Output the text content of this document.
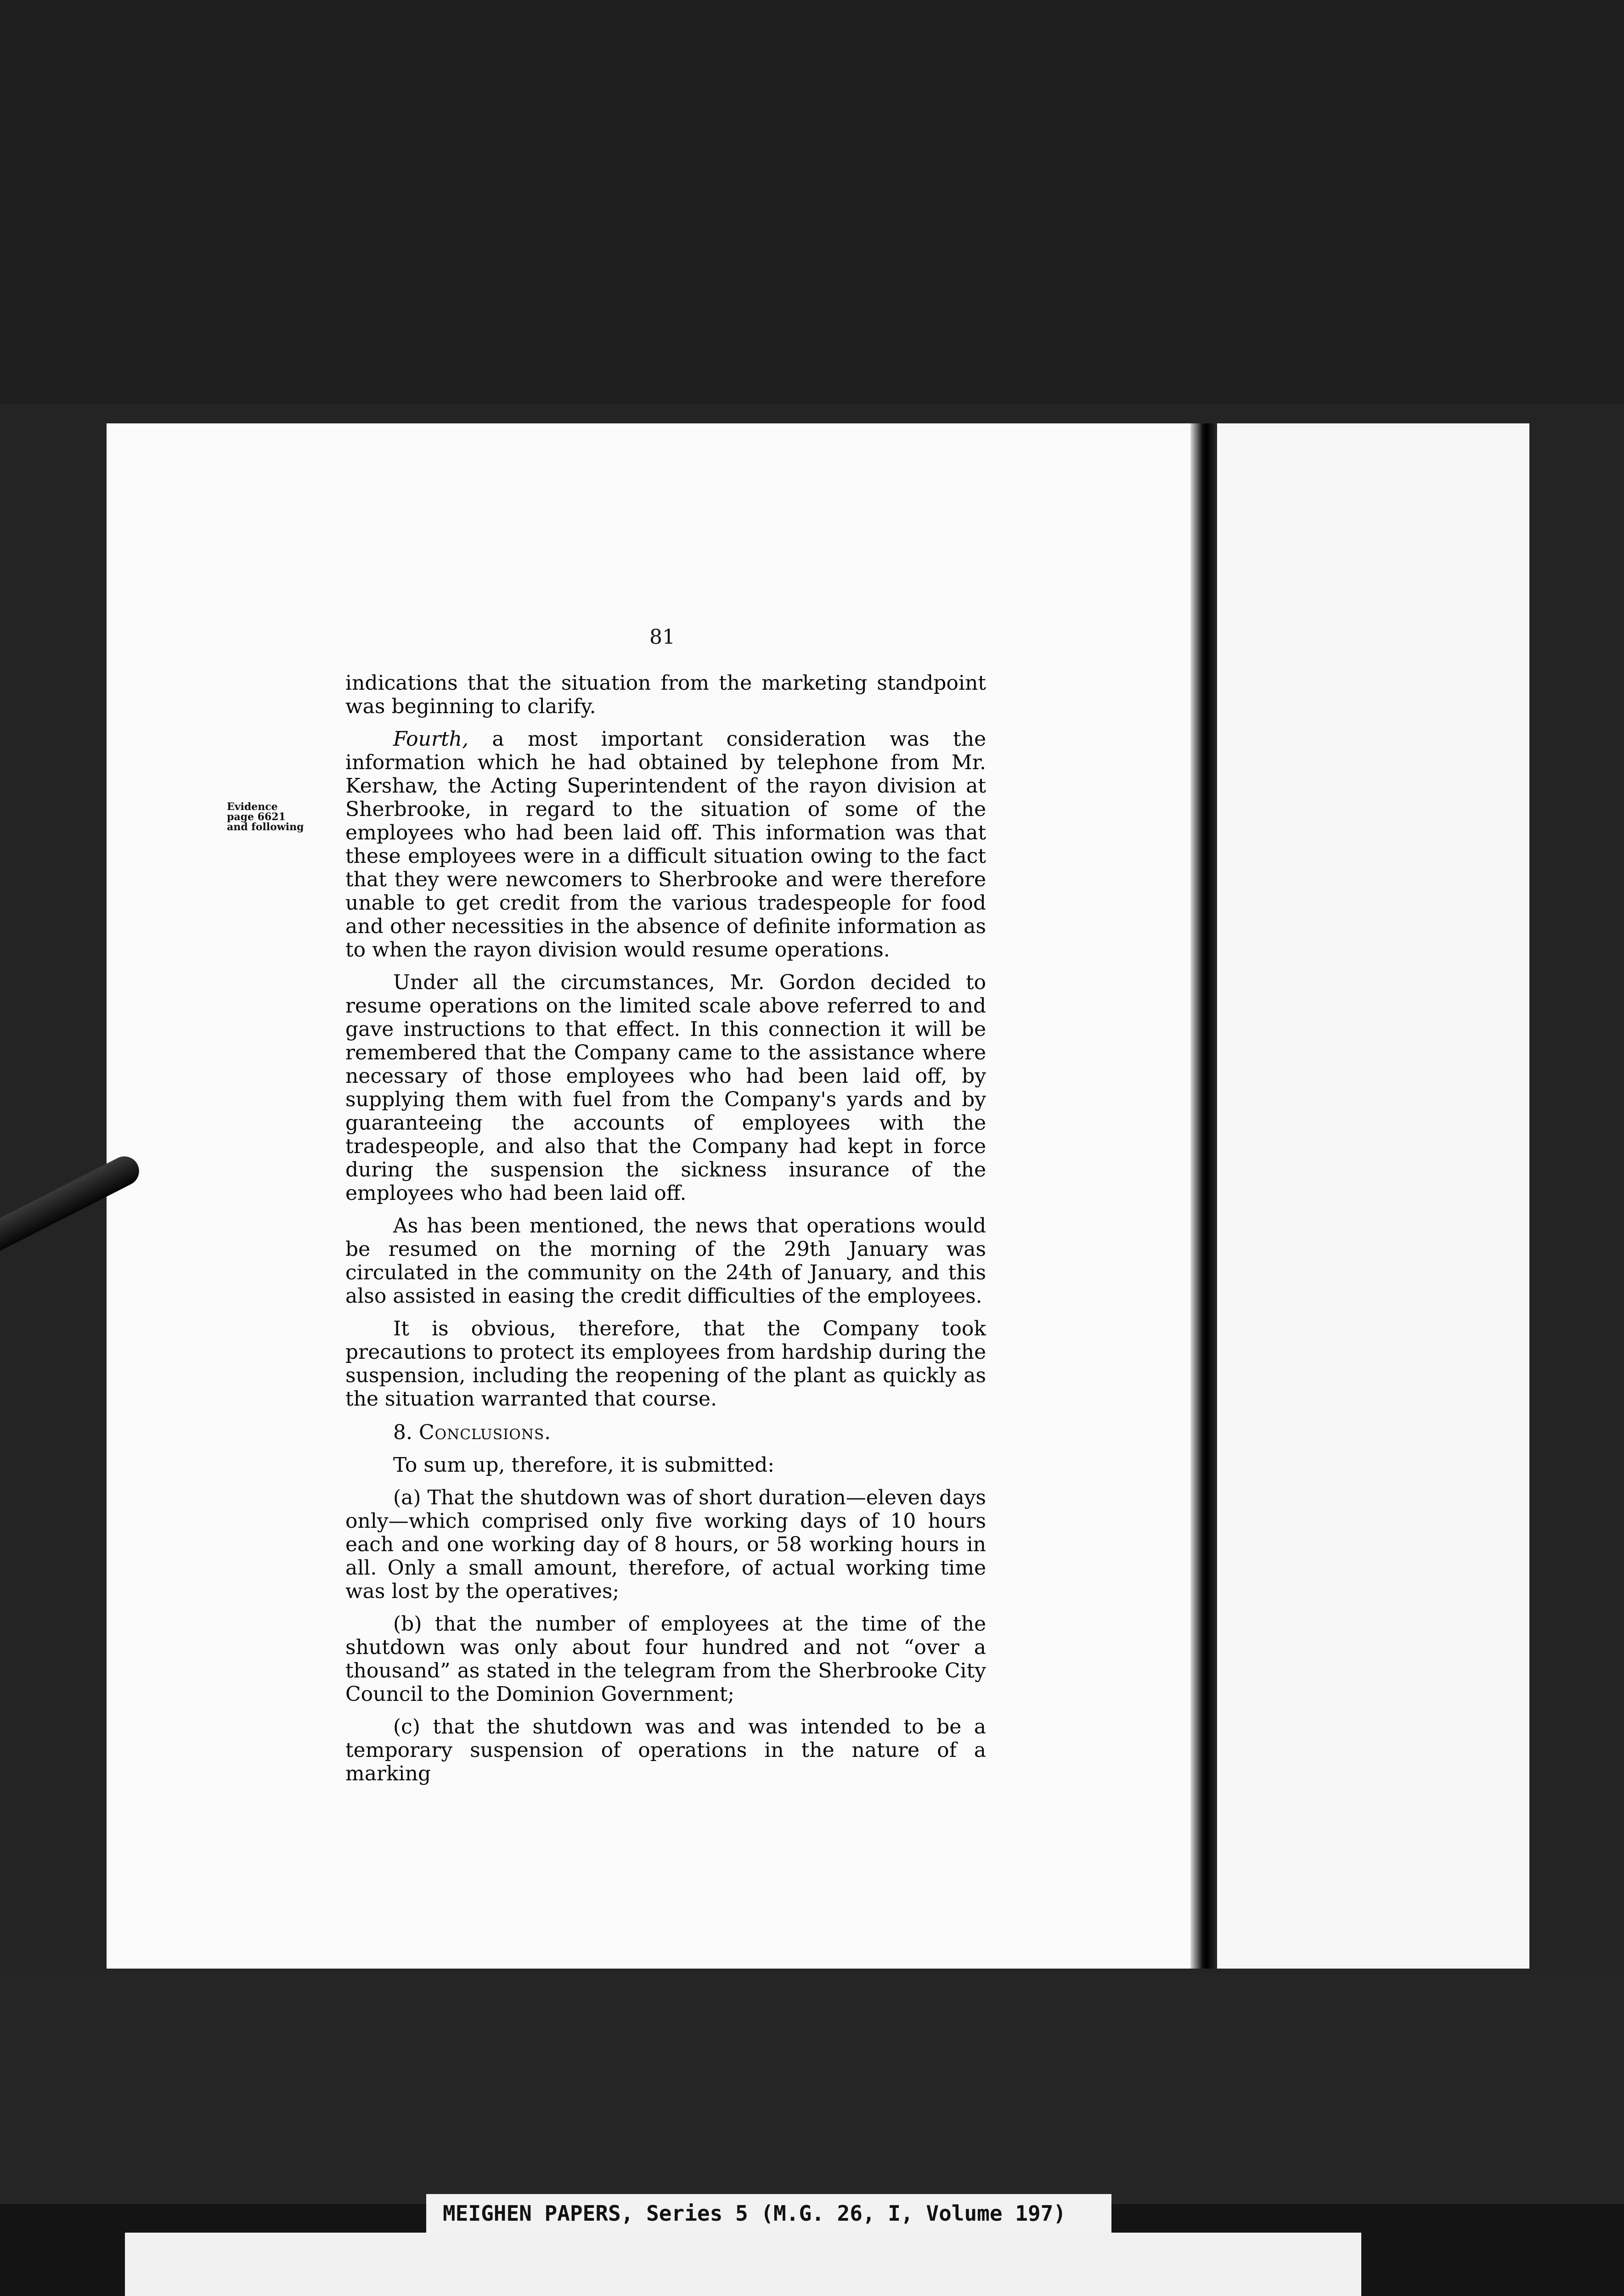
81
Evidence
page 6621
and following

indications that the situation from the marketing standpoint was beginning to clarify.

Fourth, a most important consideration was the information which he had obtained by telephone from Mr. Kershaw, the Acting Superintendent of the rayon division at Sherbrooke, in regard to the situation of some of the employees who had been laid off. This information was that these employees were in a difficult situation owing to the fact that they were newcomers to Sherbrooke and were therefore unable to get credit from the various tradespeople for food and other necessities in the absence of definite information as to when the rayon division would resume operations.

Under all the circumstances, Mr. Gordon decided to resume operations on the limited scale above referred to and gave instructions to that effect. In this connection it will be remembered that the Company came to the assistance where necessary of those employees who had been laid off, by supplying them with fuel from the Company's yards and by guaranteeing the accounts of employees with the tradespeople, and also that the Company had kept in force during the suspension the sickness insurance of the employees who had been laid off.

As has been mentioned, the news that operations would be resumed on the morning of the 29th January was circulated in the community on the 24th of January, and this also assisted in easing the credit difficulties of the employees.

It is obvious, therefore, that the Company took precautions to protect its employees from hardship during the suspension, including the reopening of the plant as quickly as the situation warranted that course.

8. Conclusions.

To sum up, therefore, it is submitted:

(a) That the shutdown was of short duration—eleven days only—which comprised only five working days of 10 hours each and one working day of 8 hours, or 58 working hours in all. Only a small amount, therefore, of actual working time was lost by the operatives;

(b) that the number of employees at the time of the shutdown was only about four hundred and not “over a thousand” as stated in the telegram from the Sherbrooke City Council to the Dominion Government;

(c) that the shutdown was and was intended to be a temporary suspension of operations in the nature of a marking

MEIGHEN PAPERS, Series 5 (M.G. 26, I, Volume 197)
